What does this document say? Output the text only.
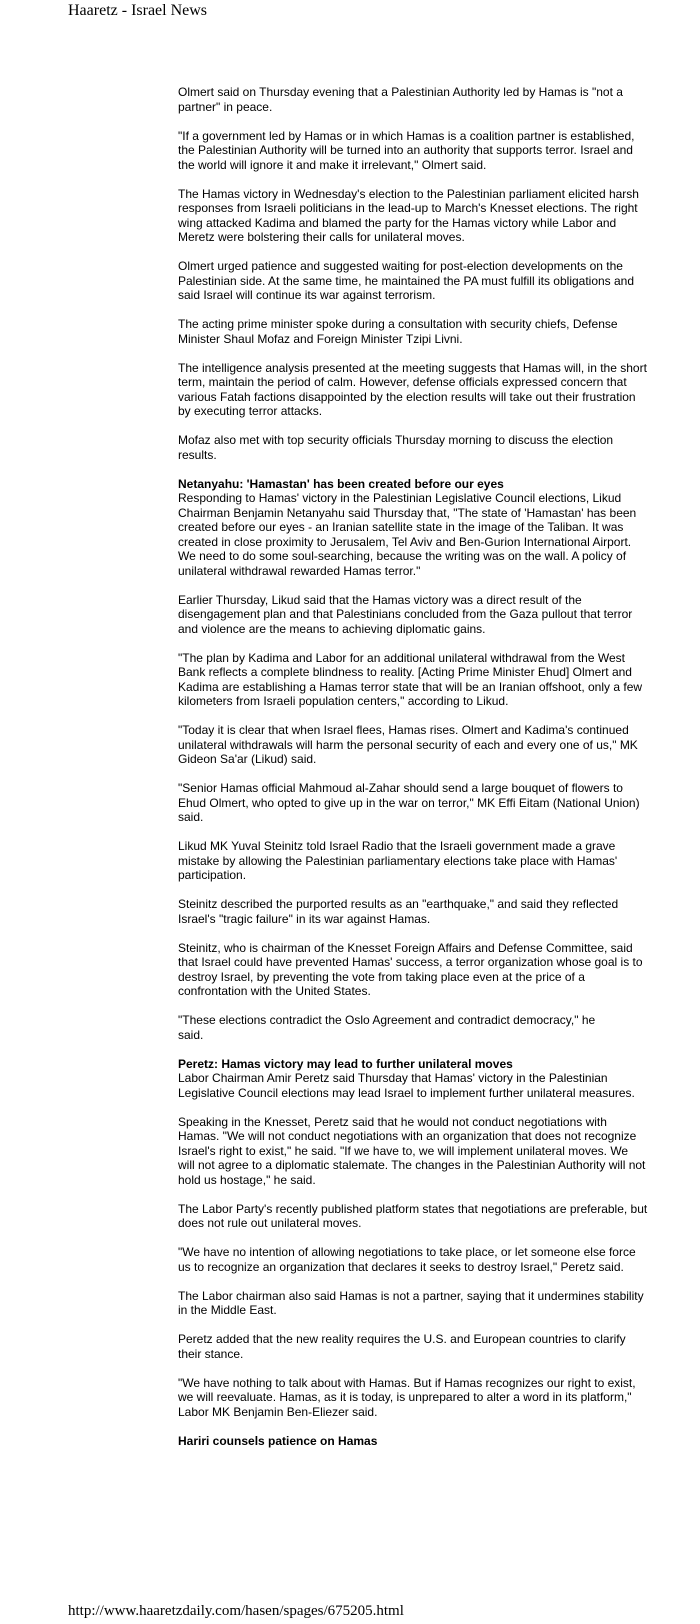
Haaretz - Israel News

Olmert said on Thursday evening that a Palestinian Authority led by Hamas is "not a partner" in peace.

"If a government led by Hamas or in which Hamas is a coalition partner is established, the Palestinian Authority will be turned into an authority that supports terror. Israel and the world will ignore it and make it irrelevant," Olmert said.

The Hamas victory in Wednesday's election to the Palestinian parliament elicited harsh responses from Israeli politicians in the lead-up to March's Knesset elections. The right wing attacked Kadima and blamed the party for the Hamas victory while Labor and Meretz were bolstering their calls for unilateral moves.

Olmert urged patience and suggested waiting for post-election developments on the Palestinian side. At the same time, he maintained the PA must fulfill its obligations and said Israel will continue its war against terrorism.

The acting prime minister spoke during a consultation with security chiefs, Defense Minister Shaul Mofaz and Foreign Minister Tzipi Livni.

The intelligence analysis presented at the meeting suggests that Hamas will, in the short term, maintain the period of calm. However, defense officials expressed concern that various Fatah factions disappointed by the election results will take out their frustration by executing terror attacks.

Mofaz also met with top security officials Thursday morning to discuss the election results.

Netanyahu: 'Hamastan' has been created before our eyes
Responding to Hamas' victory in the Palestinian Legislative Council elections, Likud Chairman Benjamin Netanyahu said Thursday that, "The state of 'Hamastan' has been created before our eyes - an Iranian satellite state in the image of the Taliban. It was created in close proximity to Jerusalem, Tel Aviv and Ben-Gurion International Airport. We need to do some soul-searching, because the writing was on the wall. A policy of unilateral withdrawal rewarded Hamas terror."

Earlier Thursday, Likud said that the Hamas victory was a direct result of the disengagement plan and that Palestinians concluded from the Gaza pullout that terror and violence are the means to achieving diplomatic gains.

"The plan by Kadima and Labor for an additional unilateral withdrawal from the West Bank reflects a complete blindness to reality. [Acting Prime Minister Ehud] Olmert and Kadima are establishing a Hamas terror state that will be an Iranian offshoot, only a few kilometers from Israeli population centers," according to Likud.

"Today it is clear that when Israel flees, Hamas rises. Olmert and Kadima's continued unilateral withdrawals will harm the personal security of each and every one of us," MK Gideon Sa'ar (Likud) said.

"Senior Hamas official Mahmoud al-Zahar should send a large bouquet of flowers to Ehud Olmert, who opted to give up in the war on terror," MK Effi Eitam (National Union) said.

Likud MK Yuval Steinitz told Israel Radio that the Israeli government made a grave mistake by allowing the Palestinian parliamentary elections take place with Hamas' participation.

Steinitz described the purported results as an "earthquake," and said they reflected Israel's "tragic failure" in its war against Hamas.

Steinitz, who is chairman of the Knesset Foreign Affairs and Defense Committee, said that Israel could have prevented Hamas' success, a terror organization whose goal is to destroy Israel, by preventing the vote from taking place even at the price of a confrontation with the United States.

"These elections contradict the Oslo Agreement and contradict democracy," he said.

Peretz: Hamas victory may lead to further unilateral moves
Labor Chairman Amir Peretz said Thursday that Hamas' victory in the Palestinian Legislative Council elections may lead Israel to implement further unilateral measures.

Speaking in the Knesset, Peretz said that he would not conduct negotiations with Hamas. "We will not conduct negotiations with an organization that does not recognize Israel's right to exist," he said. "If we have to, we will implement unilateral moves. We will not agree to a diplomatic stalemate. The changes in the Palestinian Authority will not hold us hostage," he said.

The Labor Party's recently published platform states that negotiations are preferable, but does not rule out unilateral moves.

"We have no intention of allowing negotiations to take place, or let someone else force us to recognize an organization that declares it seeks to destroy Israel," Peretz said.

The Labor chairman also said Hamas is not a partner, saying that it undermines stability in the Middle East.

Peretz added that the new reality requires the U.S. and European countries to clarify their stance.

"We have nothing to talk about with Hamas. But if Hamas recognizes our right to exist, we will reevaluate. Hamas, as it is today, is unprepared to alter a word in its platform," Labor MK Benjamin Ben-Eliezer said.

Hariri counsels patience on Hamas

http://www.haaretzdaily.com/hasen/spages/675205.html
